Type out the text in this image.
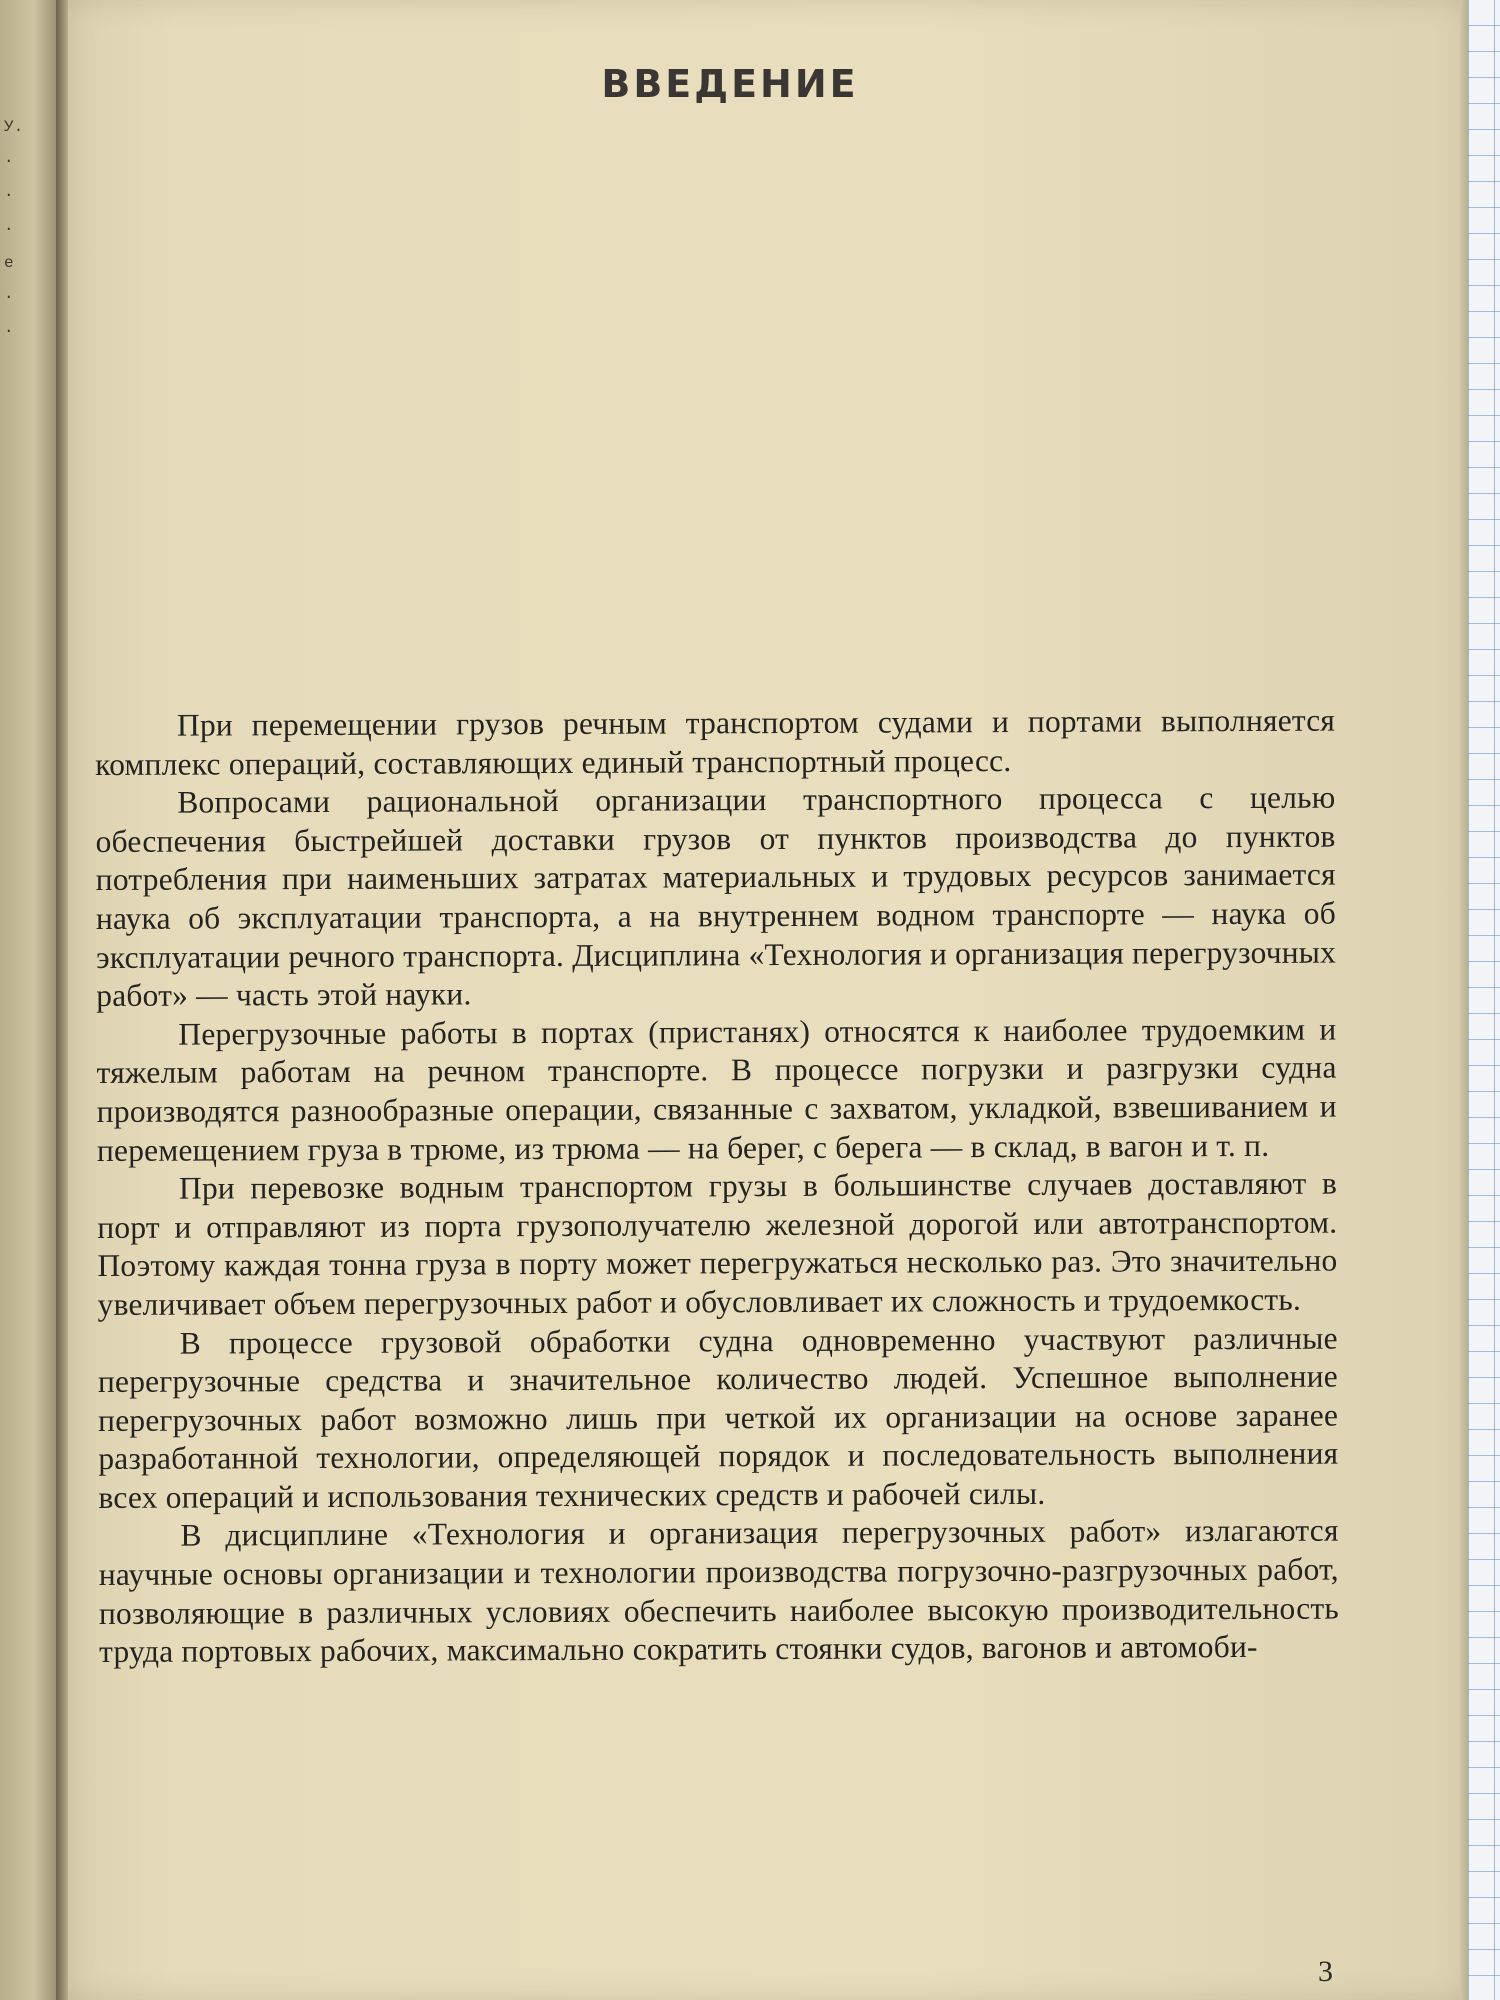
У.
·
·
·
е
·
·
ВВЕДЕНИЕ

При перемещении грузов речным транспортом судами и портами выполняется комплекс операций, составляющих единый транспортный процесс.

Вопросами рациональной организации транспортного процесса с целью обеспечения быстрейшей доставки грузов от пунктов производства до пунктов потребления при наименьших затратах материальных и трудовых ресурсов занимается наука об эксплуатации транспорта, а на внутреннем водном транспорте — наука об эксплуатации речного транспорта. Дисциплина «Технология и организация перегрузочных работ» — часть этой науки.

Перегрузочные работы в портах (пристанях) относятся к наиболее трудоемким и тяжелым работам на речном транспорте. В процессе погрузки и разгрузки судна производятся разнообразные операции, связанные с захватом, укладкой, взвешиванием и перемещением груза в трюме, из трюма — на берег, с берега — в склад, в вагон и т. п.

При перевозке водным транспортом грузы в большинстве случаев доставляют в порт и отправляют из порта грузополучателю железной дорогой или автотранспортом. Поэтому каждая тонна груза в порту может перегружаться несколько раз. Это значительно увеличивает объем перегрузочных работ и обусловливает их сложность и трудоемкость.

В процессе грузовой обработки судна одновременно участвуют различные перегрузочные средства и значительное количество людей. Успешное выполнение перегрузочных работ возможно лишь при четкой их организации на основе заранее разработанной технологии, определяющей порядок и последовательность выполнения всех операций и использования технических средств и рабочей силы.

В дисциплине «Технология и организация перегрузочных работ» излагаются научные основы организации и технологии производства погрузочно-разгрузочных работ, позволяющие в различных условиях обеспечить наиболее высокую производительность труда портовых рабочих, максимально сократить стоянки судов, вагонов и автомоби-

3
